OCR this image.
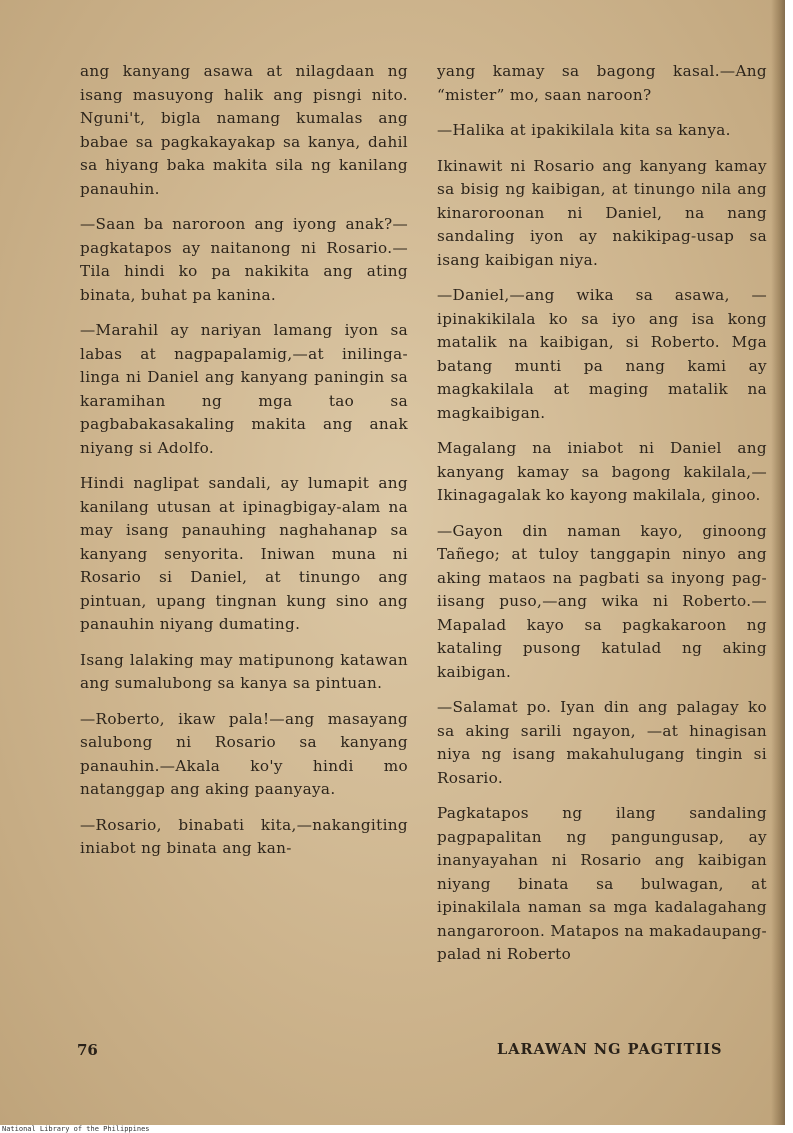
ang kanyang asawa at nilagdaan ng isang masuyong halik ang pisngi nito. Nguni't, bigla namang kumalas ang babae sa pagkakayakap sa kanya, dahil sa hiyang baka makita sila ng kanilang panauhin.

—Saan ba naroroon ang iyong anak?—pagkatapos ay naitanong ni Rosario.—Tila hindi ko pa nakikita ang ating binata, buhat pa kanina.

—Marahil ay nariyan lamang iyon sa labas at nagpapalamig,—at inilinga-linga ni Daniel ang kanyang paningin sa karamihan ng mga tao sa pagbabakasakaling makita ang anak niyang si Adolfo.

Hindi naglipat sandali, ay lumapit ang kanilang utusan at ipinagbigay-alam na may isang panauhing naghahanap sa kanyang senyorita. Iniwan muna ni Rosario si Daniel, at tinungo ang pintuan, upang tingnan kung sino ang panauhin niyang dumating.

Isang lalaking may matipunong katawan ang sumalubong sa kanya sa pintuan.

—Roberto, ikaw pala!—ang masayang salubong ni Rosario sa kanyang panauhin.—Akala ko'y hindi mo natanggap ang aking paanyaya.

—Rosario, binabati kita,—nakangiting iniabot ng binata ang kan-

yang kamay sa bagong kasal.—Ang “mister” mo, saan naroon?

—Halika at ipakikilala kita sa kanya.

Ikinawit ni Rosario ang kanyang kamay sa bisig ng kaibigan, at tinungo nila ang kinaroroonan ni Daniel, na nang sandaling iyon ay nakikipag-usap sa isang kaibigan niya.

—Daniel,—ang wika sa asawa, —ipinakikilala ko sa iyo ang isa kong matalik na kaibigan, si Roberto. Mga batang munti pa nang kami ay magkakilala at maging matalik na magkaibigan.

Magalang na iniabot ni Daniel ang kanyang kamay sa bagong kakilala,—Ikinagagalak ko kayong makilala, ginoo.

—Gayon din naman kayo, ginoong Tañego; at tuloy tanggapin ninyo ang aking mataos na pagbati sa inyong pag-iisang puso,—ang wika ni Roberto.— Mapalad kayo sa pagkakaroon ng kataling pusong katulad ng aking kaibigan.

—Salamat po. Iyan din ang palagay ko sa aking sarili ngayon, —at hinagisan niya ng isang makahulugang tingin si Rosario.

Pagkatapos ng ilang sandaling pagpapalitan ng pangungusap, ay inanyayahan ni Rosario ang kaibigan niyang binata sa bulwagan, at ipinakilala naman sa mga kadalagahang nangaroroon. Matapos na makadaupang-palad ni Roberto

76	LARAWAN NG PAGTITIIS
National Library of the Philippines
